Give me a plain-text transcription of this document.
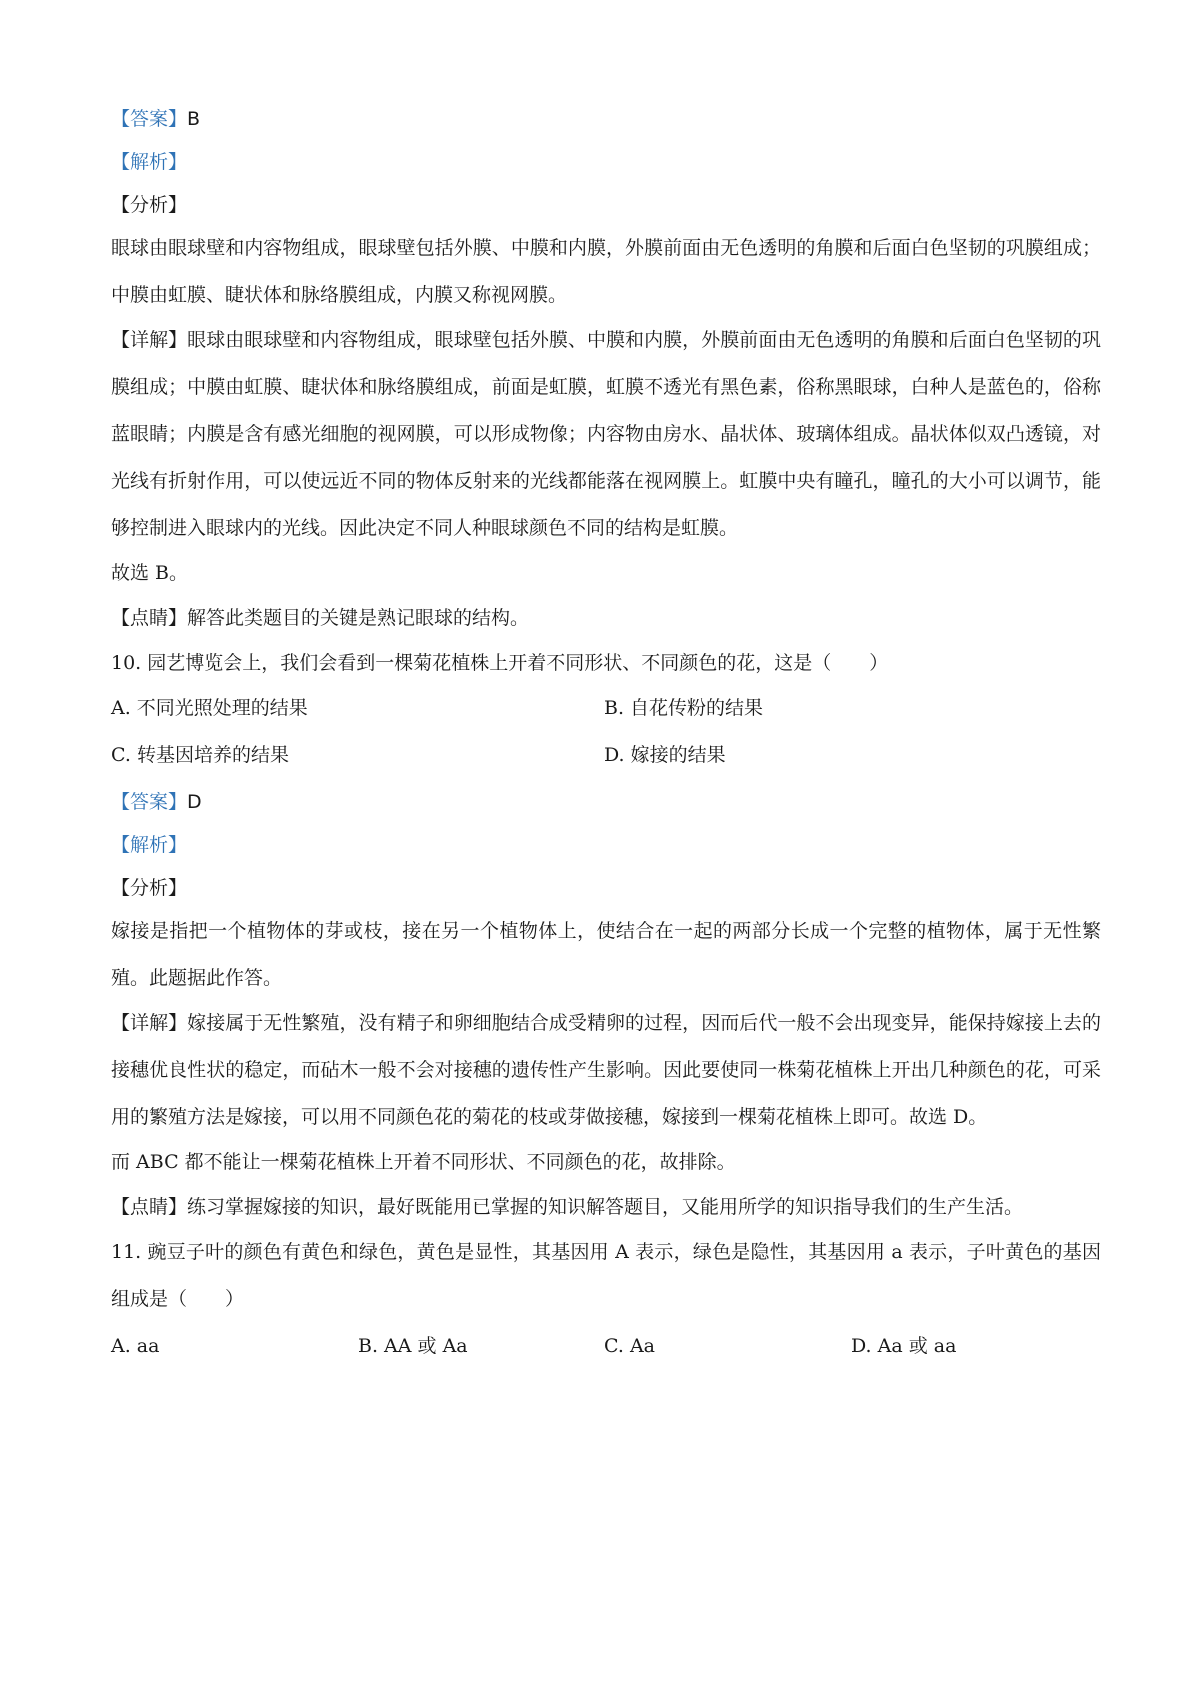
【答案】B
【解析】
【分析】
眼球由眼球壁和内容物组成，眼球壁包括外膜、中膜和内膜，外膜前面由无色透明的角膜和后面白色坚韧的巩膜组成；中膜由虹膜、睫状体和脉络膜组成，内膜又称视网膜。
【详解】眼球由眼球壁和内容物组成，眼球壁包括外膜、中膜和内膜，外膜前面由无色透明的角膜和后面白色坚韧的巩膜组成；中膜由虹膜、睫状体和脉络膜组成，前面是虹膜，虹膜不透光有黑色素，俗称黑眼球，白种人是蓝色的，俗称蓝眼睛；内膜是含有感光细胞的视网膜，可以形成物像；内容物由房水、晶状体、玻璃体组成。晶状体似双凸透镜，对光线有折射作用，可以使远近不同的物体反射来的光线都能落在视网膜上。虹膜中央有瞳孔，瞳孔的大小可以调节，能够控制进入眼球内的光线。因此决定不同人种眼球颜色不同的结构是虹膜。
故选 B。
【点睛】解答此类题目的关键是熟记眼球的结构。
10. 园艺博览会上，我们会看到一棵菊花植株上开着不同形状、不同颜色的花，这是（　　）
A. 不同光照处理的结果	B. 自花传粉的结果
C. 转基因培养的结果	D. 嫁接的结果
【答案】D
【解析】
【分析】
嫁接是指把一个植物体的芽或枝，接在另一个植物体上，使结合在一起的两部分长成一个完整的植物体，属于无性繁殖。此题据此作答。
【详解】嫁接属于无性繁殖，没有精子和卵细胞结合成受精卵的过程，因而后代一般不会出现变异，能保持嫁接上去的接穗优良性状的稳定，而砧木一般不会对接穗的遗传性产生影响。因此要使同一株菊花植株上开出几种颜色的花，可采用的繁殖方法是嫁接，可以用不同颜色花的菊花的枝或芽做接穗，嫁接到一棵菊花植株上即可。故选 D。
而 ABC 都不能让一棵菊花植株上开着不同形状、不同颜色的花，故排除。
【点睛】练习掌握嫁接的知识，最好既能用已掌握的知识解答题目，又能用所学的知识指导我们的生产生活。
11. 豌豆子叶的颜色有黄色和绿色，黄色是显性，其基因用 A 表示，绿色是隐性，其基因用 a 表示，子叶黄色的基因组成是（　　）
A. aa	B. AA 或 Aa	C. Aa	D. Aa 或 aa
